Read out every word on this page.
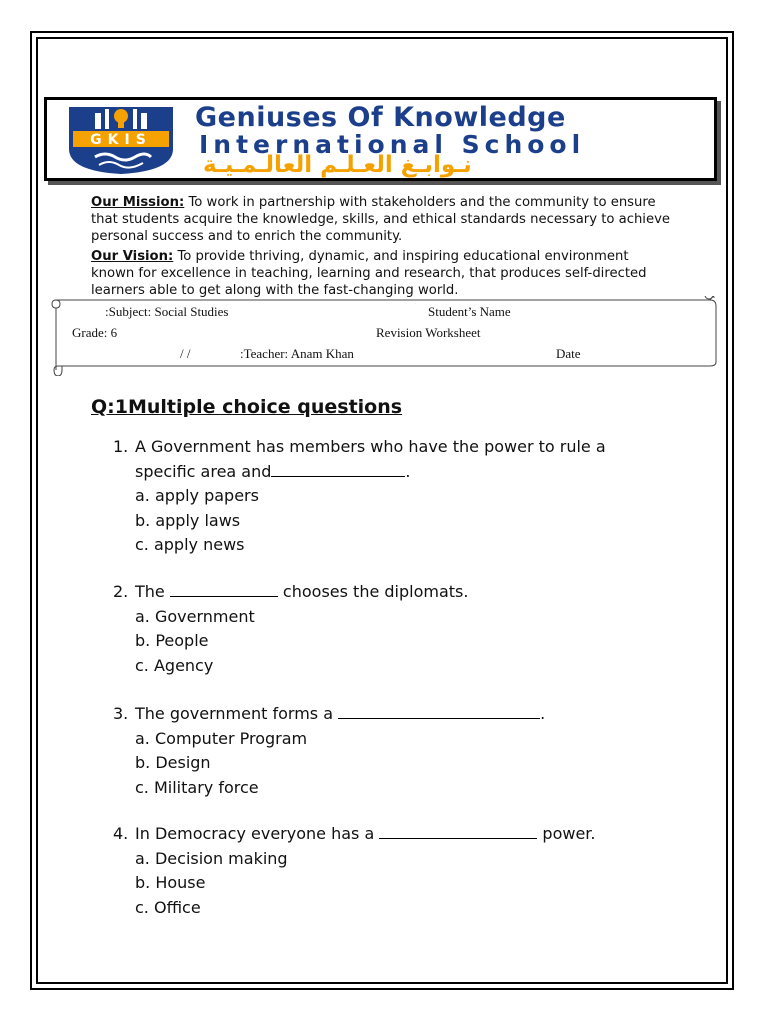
GKIS
Geniuses Of Knowledge
International School
نـوابـغ العـلـم العالـمـيـة
Our Mission: To work in partnership with stakeholders and the community to ensure that students acquire the knowledge, skills, and ethical standards necessary to achieve personal success and to enrich the community.
Our Vision: To provide thriving, dynamic, and inspiring educational environment known for excellence in teaching, learning and research, that produces self-directed learners able to get along with the fast-changing world.
:Subject: Social Studies	Student’s Name
Grade: 6	Revision Worksheet
/ /	:Teacher: Anam Khan	Date
Q:1Multiple choice questions
1. A Government has members who have the power to rule a
specific area and	.
a. apply papers
b. apply laws
c. apply news
2. The	chooses the diplomats.
a. Government
b. People
c. Agency
3. The government forms a	.
a. Computer Program
b. Design
c. Military force
4. In Democracy everyone has a	power.
a. Decision making
b. House
c. Office
